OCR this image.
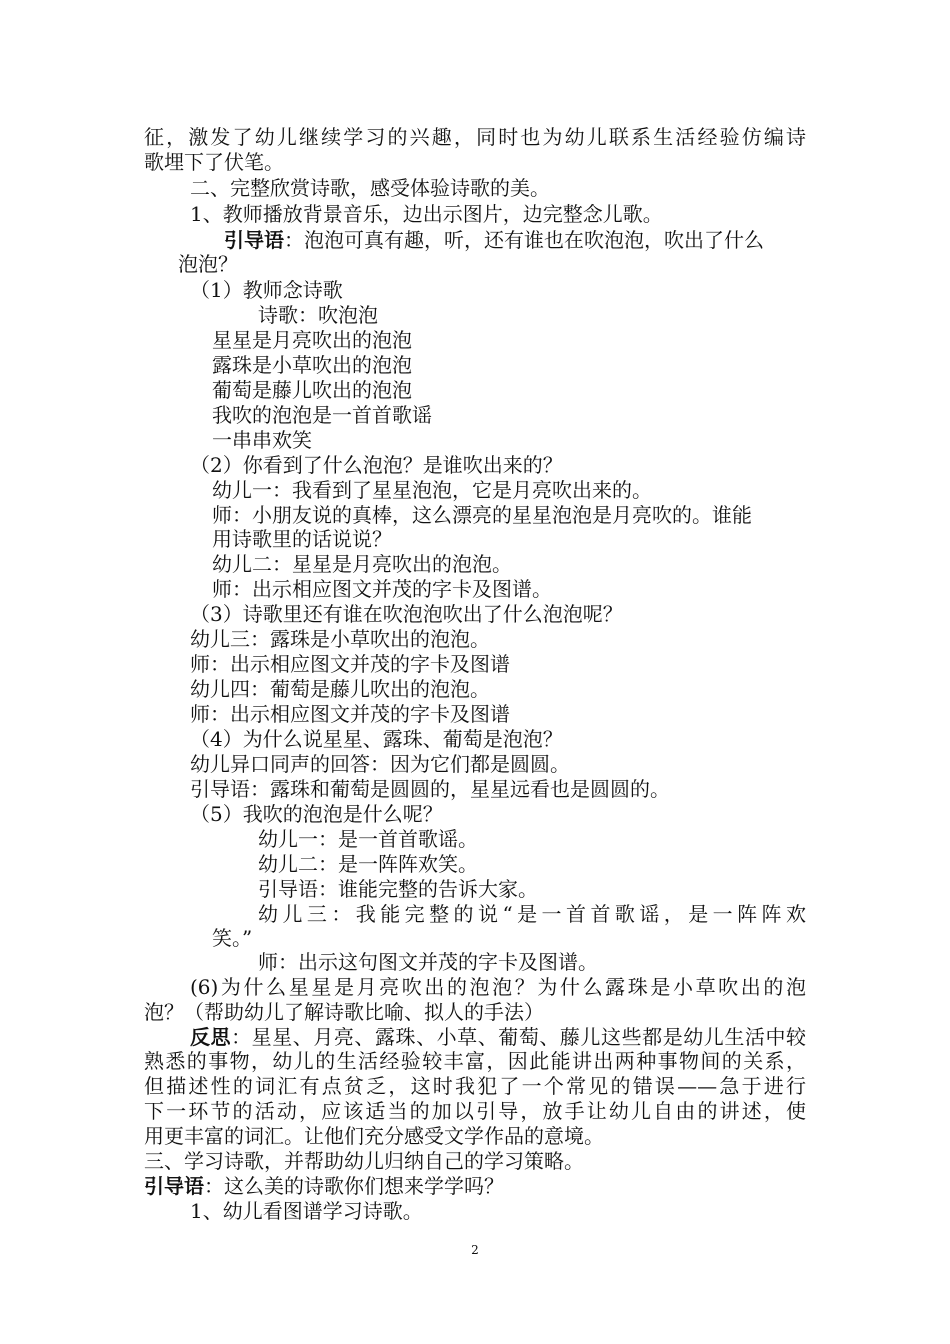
征，激发了幼儿继续学习的兴趣，同时也为幼儿联系生活经验仿编诗

歌埋下了伏笔。

二、完整欣赏诗歌，感受体验诗歌的美。

1、教师播放背景音乐，边出示图片，边完整念儿歌。

引导语：泡泡可真有趣，听，还有谁也在吹泡泡，吹出了什么

泡泡？

（1）教师念诗歌

诗歌：吹泡泡

星星是月亮吹出的泡泡

露珠是小草吹出的泡泡

葡萄是藤儿吹出的泡泡

我吹的泡泡是一首首歌谣

一串串欢笑

（2）你看到了什么泡泡？是谁吹出来的？

幼儿一：我看到了星星泡泡，它是月亮吹出来的。

师：小朋友说的真棒，这么漂亮的星星泡泡是月亮吹的。谁能

用诗歌里的话说说？

幼儿二：星星是月亮吹出的泡泡。

师：出示相应图文并茂的字卡及图谱。

（3）诗歌里还有谁在吹泡泡吹出了什么泡泡呢？

幼儿三：露珠是小草吹出的泡泡。

师：出示相应图文并茂的字卡及图谱

幼儿四：葡萄是藤儿吹出的泡泡。

师：出示相应图文并茂的字卡及图谱

（4）为什么说星星、露珠、葡萄是泡泡？

幼儿异口同声的回答：因为它们都是圆圆。

引导语：露珠和葡萄是圆圆的，星星远看也是圆圆的。

（5）我吹的泡泡是什么呢？

幼儿一：是一首首歌谣。

幼儿二：是一阵阵欢笑。

引导语：谁能完整的告诉大家。

幼儿三：我能完整的说“是一首首歌谣，是一阵阵欢

笑。”

师：出示这句图文并茂的字卡及图谱。

(6)为什么星星是月亮吹出的泡泡？为什么露珠是小草吹出的泡

泡？（帮助幼儿了解诗歌比喻、拟人的手法）

反思：星星、月亮、露珠、小草、葡萄、藤儿这些都是幼儿生活中较

熟悉的事物，幼儿的生活经验较丰富，因此能讲出两种事物间的关系，

但描述性的词汇有点贫乏，这时我犯了一个常见的错误——急于进行

下一环节的活动，应该适当的加以引导，放手让幼儿自由的讲述，使

用更丰富的词汇。让他们充分感受文学作品的意境。

三、学习诗歌，并帮助幼儿归纳自己的学习策略。

引导语：这么美的诗歌你们想来学学吗？

1、幼儿看图谱学习诗歌。

2
